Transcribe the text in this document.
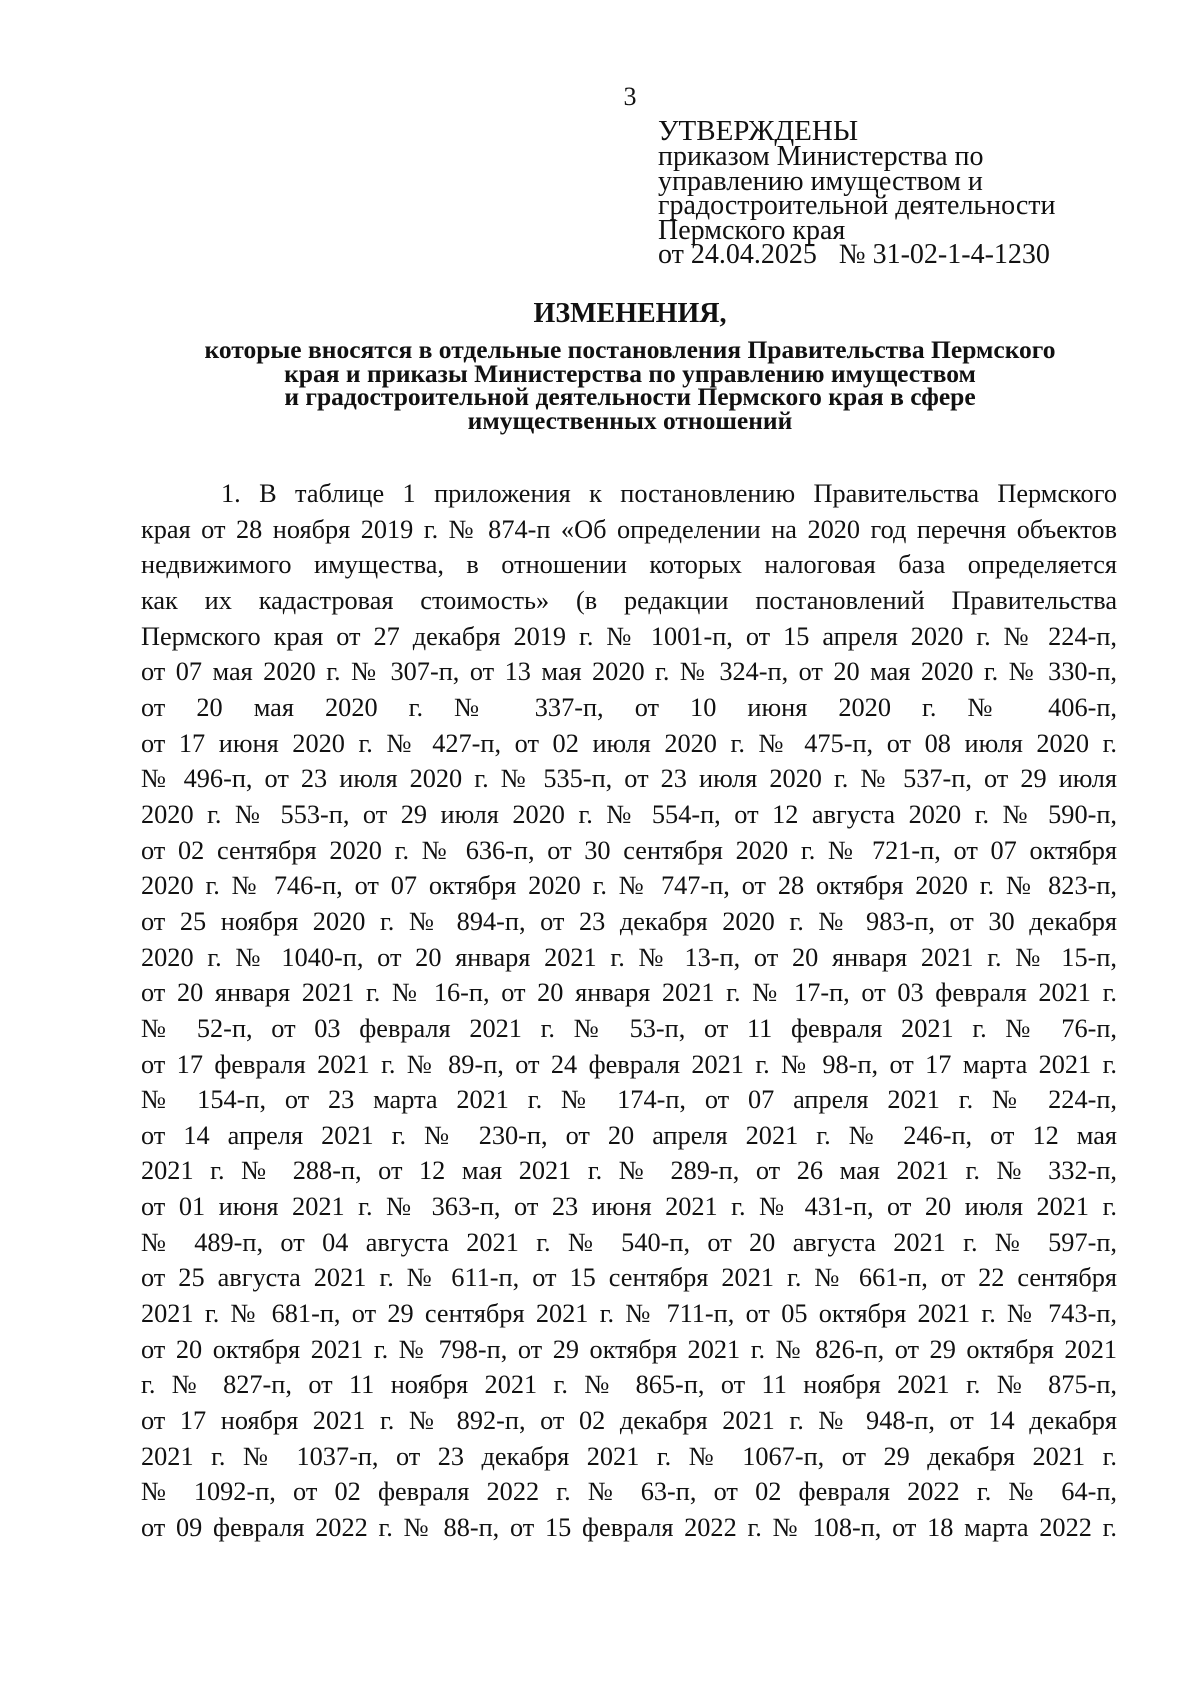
3
УТВЕРЖДЕНЫ
приказом Министерства по
управлению имуществом и
градостроительной деятельности
Пермского края
от 24.04.2025 № 31-02-1-4-1230
ИЗМЕНЕНИЯ,
которые вносятся в отдельные постановления Правительства Пермского
края и приказы Министерства по управлению имуществом
и градостроительной деятельности Пермского края в сфере
имущественных отношений
1. В таблице 1 приложения к постановлению Правительства Пермского
края от 28 ноября 2019 г. № 874-п «Об определении на 2020 год перечня объектов
недвижимого имущества, в отношении которых налоговая база определяется
как их кадастровая стоимость» (в редакции постановлений Правительства
Пермского края от 27 декабря 2019 г. № 1001-п, от 15 апреля 2020 г. № 224-п,
от 07 мая 2020 г. № 307-п, от 13 мая 2020 г. № 324-п, от 20 мая 2020 г. № 330-п,
от 20 мая 2020 г. № 337-п, от 10 июня 2020 г. № 406-п,
от 17 июня 2020 г. № 427-п, от 02 июля 2020 г. № 475-п, от 08 июля 2020 г.
№ 496-п, от 23 июля 2020 г. № 535-п, от 23 июля 2020 г. № 537-п, от 29 июля
2020 г. № 553-п, от 29 июля 2020 г. № 554-п, от 12 августа 2020 г. № 590-п,
от 02 сентября 2020 г. № 636-п, от 30 сентября 2020 г. № 721-п, от 07 октября
2020 г. № 746-п, от 07 октября 2020 г. № 747-п, от 28 октября 2020 г. № 823-п,
от 25 ноября 2020 г. № 894-п, от 23 декабря 2020 г. № 983-п, от 30 декабря
2020 г. № 1040-п, от 20 января 2021 г. № 13-п, от 20 января 2021 г. № 15-п,
от 20 января 2021 г. № 16-п, от 20 января 2021 г. № 17-п, от 03 февраля 2021 г.
№ 52-п, от 03 февраля 2021 г. № 53-п, от 11 февраля 2021 г. № 76-п,
от 17 февраля 2021 г. № 89-п, от 24 февраля 2021 г. № 98-п, от 17 марта 2021 г.
№ 154-п, от 23 марта 2021 г. № 174-п, от 07 апреля 2021 г. № 224-п,
от 14 апреля 2021 г. № 230-п, от 20 апреля 2021 г. № 246-п, от 12 мая
2021 г. № 288-п, от 12 мая 2021 г. № 289-п, от 26 мая 2021 г. № 332-п,
от 01 июня 2021 г. № 363-п, от 23 июня 2021 г. № 431-п, от 20 июля 2021 г.
№ 489-п, от 04 августа 2021 г. № 540-п, от 20 августа 2021 г. № 597-п,
от 25 августа 2021 г. № 611-п, от 15 сентября 2021 г. № 661-п, от 22 сентября
2021 г. № 681-п, от 29 сентября 2021 г. № 711-п, от 05 октября 2021 г. № 743-п,
от 20 октября 2021 г. № 798-п, от 29 октября 2021 г. № 826-п, от 29 октября 2021
г. № 827-п, от 11 ноября 2021 г. № 865-п, от 11 ноября 2021 г. № 875-п,
от 17 ноября 2021 г. № 892-п, от 02 декабря 2021 г. № 948-п, от 14 декабря
2021 г. № 1037-п, от 23 декабря 2021 г. № 1067-п, от 29 декабря 2021 г.
№ 1092-п, от 02 февраля 2022 г. № 63-п, от 02 февраля 2022 г. № 64-п,
от 09 февраля 2022 г. № 88-п, от 15 февраля 2022 г. № 108-п, от 18 марта 2022 г.
